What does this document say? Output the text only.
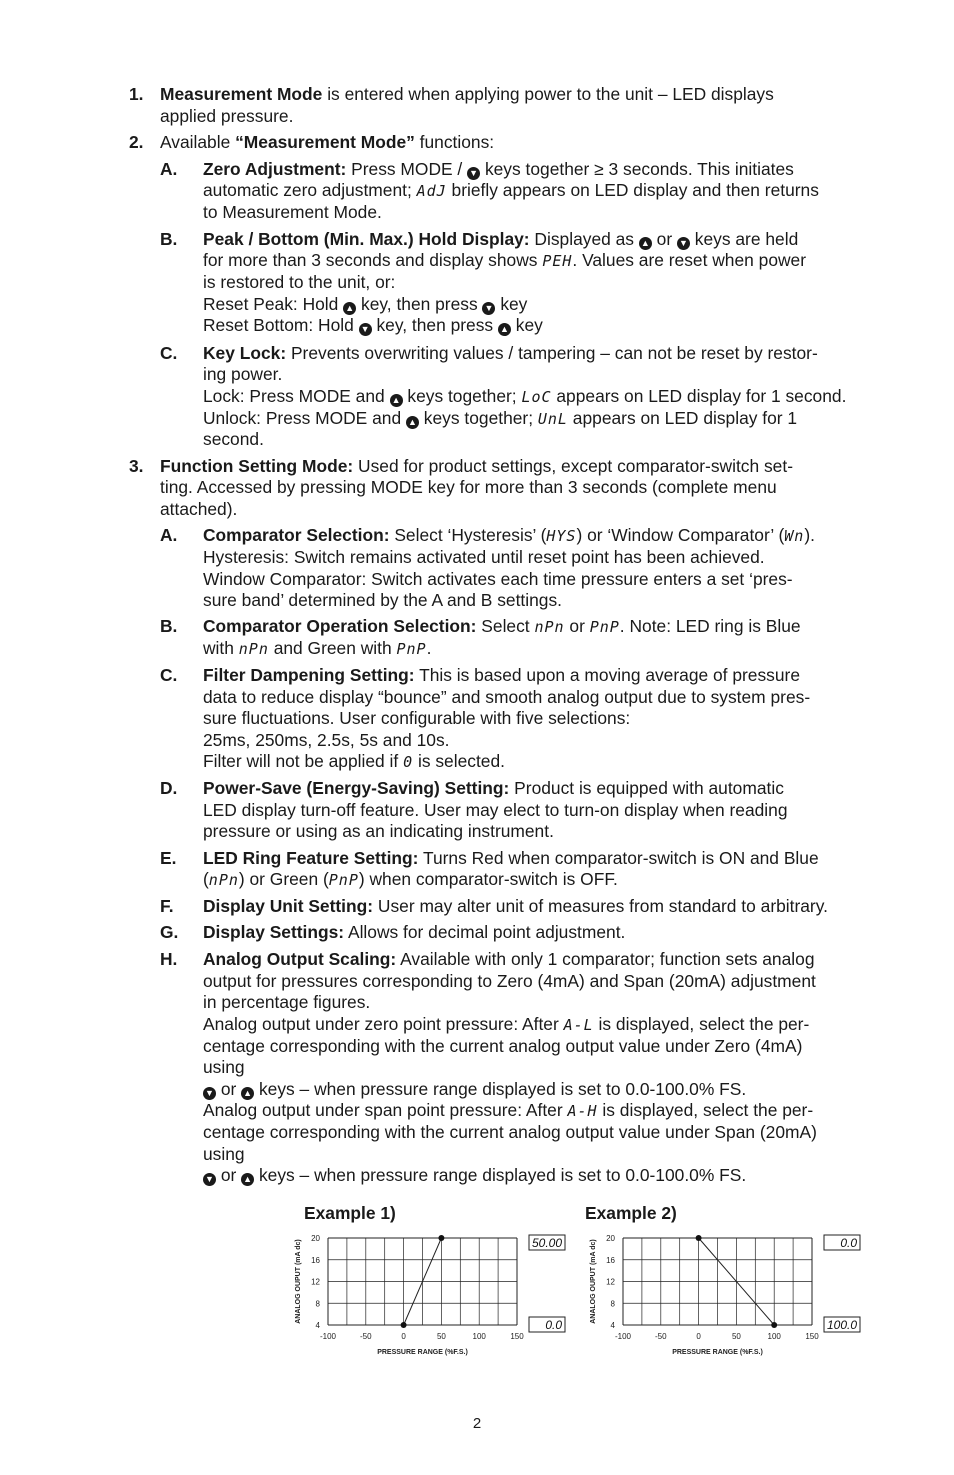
1. Measurement Mode is entered when applying power to the unit – LED displays
applied pressure.
2. Available “Measurement Mode” functions:
A. Zero Adjustment: Press MODE / ▼ keys together ≥ 3 seconds. This initiates
automatic zero adjustment; AdJ briefly appears on LED display and then returns
to Measurement Mode.
B. Peak / Bottom (Min. Max.) Hold Display: Displayed as ▲ or ▼ keys are held
for more than 3 seconds and display shows PEH. Values are reset when power
is restored to the unit, or:
Reset Peak: Hold ▲ key, then press ▼ key
Reset Bottom: Hold ▼ key, then press ▲ key
C. Key Lock: Prevents overwriting values / tampering – can not be reset by restor-
ing power.
Lock: Press MODE and ▲ keys together; LoC appears on LED display for 1 second.
Unlock: Press MODE and ▲ keys together; UnL appears on LED display for 1
second.
3. Function Setting Mode: Used for product settings, except comparator-switch set-
ting. Accessed by pressing MODE key for more than 3 seconds (complete menu
attached).
A. Comparator Selection: Select ‘Hysteresis’ (HYS) or ‘Window Comparator’ (Wn).
Hysteresis: Switch remains activated until reset point has been achieved.
Window Comparator: Switch activates each time pressure enters a set ‘pres-
sure band’ determined by the A and B settings.
B. Comparator Operation Selection: Select nPn or PnP. Note: LED ring is Blue
with nPn and Green with PnP.
C. Filter Dampening Setting: This is based upon a moving average of pressure
data to reduce display “bounce” and smooth analog output due to system pres-
sure fluctuations. User configurable with five selections:
25ms, 250ms, 2.5s, 5s and 10s.
Filter will not be applied if 0 is selected.
D. Power-Save (Energy-Saving) Setting: Product is equipped with automatic
LED display turn-off feature. User may elect to turn-on display when reading
pressure or using as an indicating instrument.
E. LED Ring Feature Setting: Turns Red when comparator-switch is ON and Blue
(nPn) or Green (PnP) when comparator-switch is OFF.
F. Display Unit Setting: User may alter unit of measures from standard to arbitrary.
G. Display Settings: Allows for decimal point adjustment.
H. Analog Output Scaling: Available with only 1 comparator; function sets analog
output for pressures corresponding to Zero (4mA) and Span (20mA) adjustment
in percentage figures.
Analog output under zero point pressure: After A-L is displayed, select the per-
centage corresponding with the current analog output value under Zero (4mA)
using
▼ or ▲ keys – when pressure range displayed is set to 0.0-100.0% FS.
Analog output under span point pressure: After A-H is displayed, select the per-
centage corresponding with the current analog output value under Span (20mA)
using
▼ or ▲ keys – when pressure range displayed is set to 0.0-100.0% FS.
Example 1)	Example 2)
4
8
12
16
20
-100	-50	0	50	100	150
PRESSURE RANGE (%F.S.)
ANALOG OUPUT (mA dc)	50.00
0.0	4
8
12
16
20
-100	-50	0	50	100	150
PRESSURE RANGE (%F.S.)
ANALOG OUPUT (mA dc)	0.0
100.0
2
